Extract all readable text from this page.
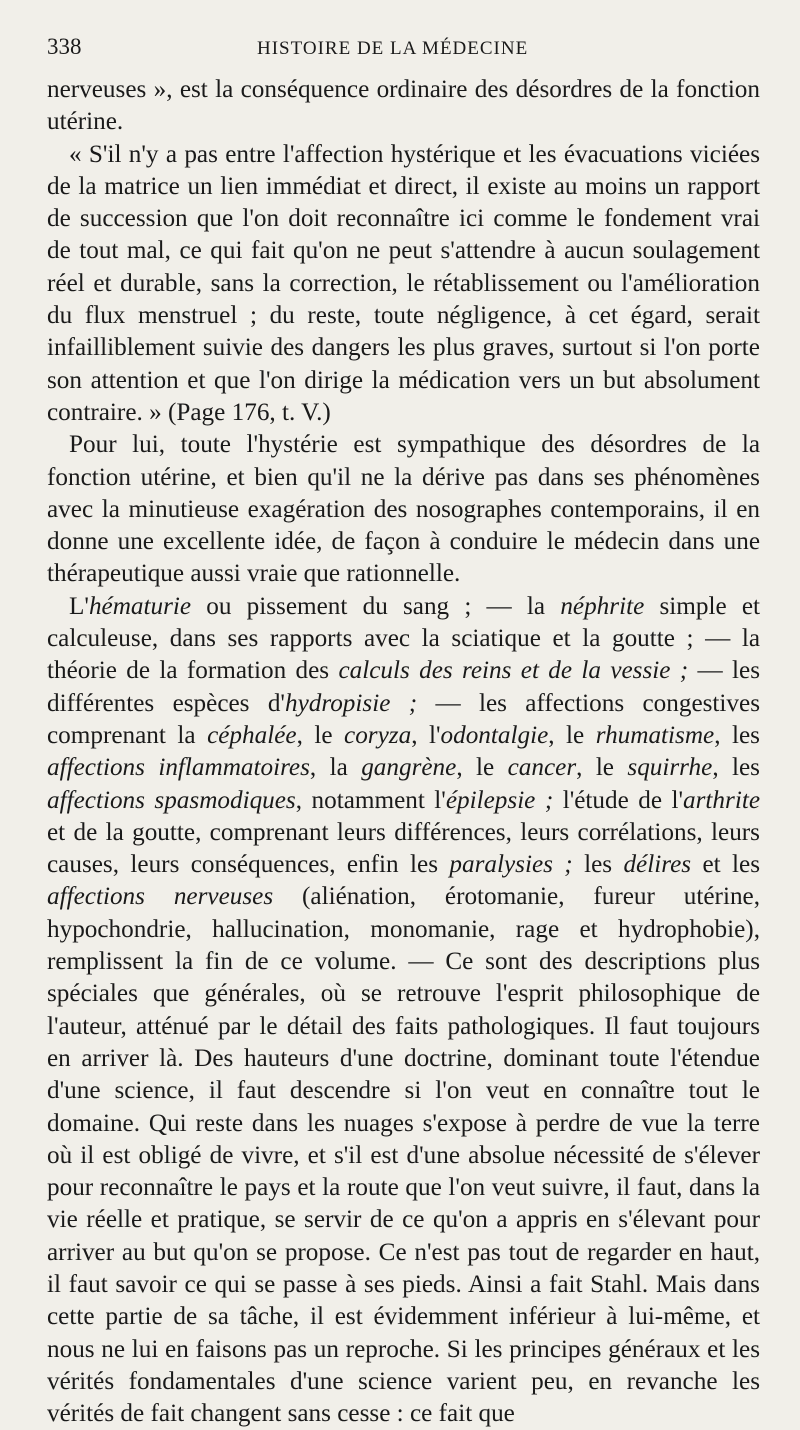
338	HISTOIRE DE LA MÉDECINE

nerveuses », est la conséquence ordinaire des désordres de la fonction utérine.

« S'il n'y a pas entre l'affection hystérique et les évacuations viciées de la matrice un lien immédiat et direct, il existe au moins un rapport de succession que l'on doit reconnaître ici comme le fondement vrai de tout mal, ce qui fait qu'on ne peut s'attendre à aucun soulagement réel et durable, sans la correction, le rétablissement ou l'amélioration du flux menstruel ; du reste, toute négligence, à cet égard, serait infailliblement suivie des dangers les plus graves, surtout si l'on porte son attention et que l'on dirige la médication vers un but absolument contraire. » (Page 176, t. V.)

Pour lui, toute l'hystérie est sympathique des désordres de la fonction utérine, et bien qu'il ne la dérive pas dans ses phénomènes avec la minutieuse exagération des nosographes contemporains, il en donne une excellente idée, de façon à conduire le médecin dans une thérapeutique aussi vraie que rationnelle.

L'hématurie ou pissement du sang ; — la néphrite simple et calculeuse, dans ses rapports avec la sciatique et la goutte ; — la théorie de la formation des calculs des reins et de la vessie ; — les différentes espèces d'hydropisie ; — les affections congestives comprenant la céphalée, le coryza, l'odontalgie, le rhumatisme, les affections inflammatoires, la gangrène, le cancer, le squirrhe, les affections spasmodiques, notamment l'épilepsie ; l'étude de l'arthrite et de la goutte, comprenant leurs différences, leurs corrélations, leurs causes, leurs conséquences, enfin les paralysies ; les délires et les affections nerveuses (aliénation, érotomanie, fureur utérine, hypochondrie, hallucination, monomanie, rage et hydrophobie), remplissent la fin de ce volume. — Ce sont des descriptions plus spéciales que générales, où se retrouve l'esprit philosophique de l'auteur, atténué par le détail des faits pathologiques. Il faut toujours en arriver là. Des hauteurs d'une doctrine, dominant toute l'étendue d'une science, il faut descendre si l'on veut en connaître tout le domaine. Qui reste dans les nuages s'expose à perdre de vue la terre où il est obligé de vivre, et s'il est d'une absolue nécessité de s'élever pour reconnaître le pays et la route que l'on veut suivre, il faut, dans la vie réelle et pratique, se servir de ce qu'on a appris en s'élevant pour arriver au but qu'on se propose. Ce n'est pas tout de regarder en haut, il faut savoir ce qui se passe à ses pieds. Ainsi a fait Stahl. Mais dans cette partie de sa tâche, il est évidemment inférieur à lui-même, et nous ne lui en faisons pas un reproche. Si les principes généraux et les vérités fondamentales d'une science varient peu, en revanche les vérités de fait changent sans cesse : ce fait que
